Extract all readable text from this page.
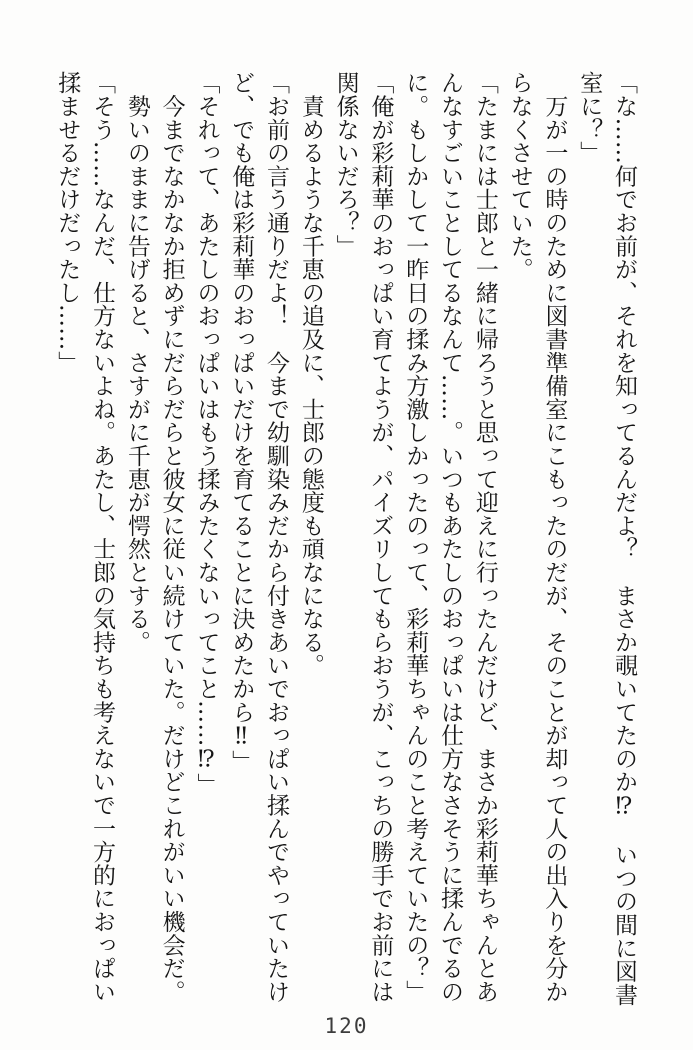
「な……何でお前が、それを知ってるんだよ？　まさか覗いてたのか⁉　いつの間に図書
室に？」
　万が一の時のために図書準備室にこもったのだが、そのことが却って人の出入りを分か
らなくさせていた。
「たまには士郎と一緒に帰ろうと思って迎えに行ったんだけど、まさか彩莉華ちゃんとあ
んなすごいことしてるなんて……。いつもあたしのおっぱいは仕方なさそうに揉んでるの
に。もしかして一昨日の揉み方激しかったのって、彩莉華ちゃんのこと考えていたの？」
「俺が彩莉華のおっぱい育てようが、パイズリしてもらおうが、こっちの勝手でお前には
関係ないだろ？」
　責めるような千恵の追及に、士郎の態度も頑なになる。
「お前の言う通りだよ！　今まで幼馴染みだから付きあいでおっぱい揉んでやっていたけ
ど、でも俺は彩莉華のおっぱいだけを育てることに決めたから‼」
「それって、あたしのおっぱいはもう揉みたくないってこと……⁉」
　今までなかなか拒めずにだらだらと彼女に従い続けていた。だけどこれがいい機会だ。
　勢いのままに告げると、さすがに千恵が愕然とする。
「そう……なんだ、仕方ないよね。あたし、士郎の気持ちも考えないで一方的におっぱい
揉ませるだけだったし……」
120
